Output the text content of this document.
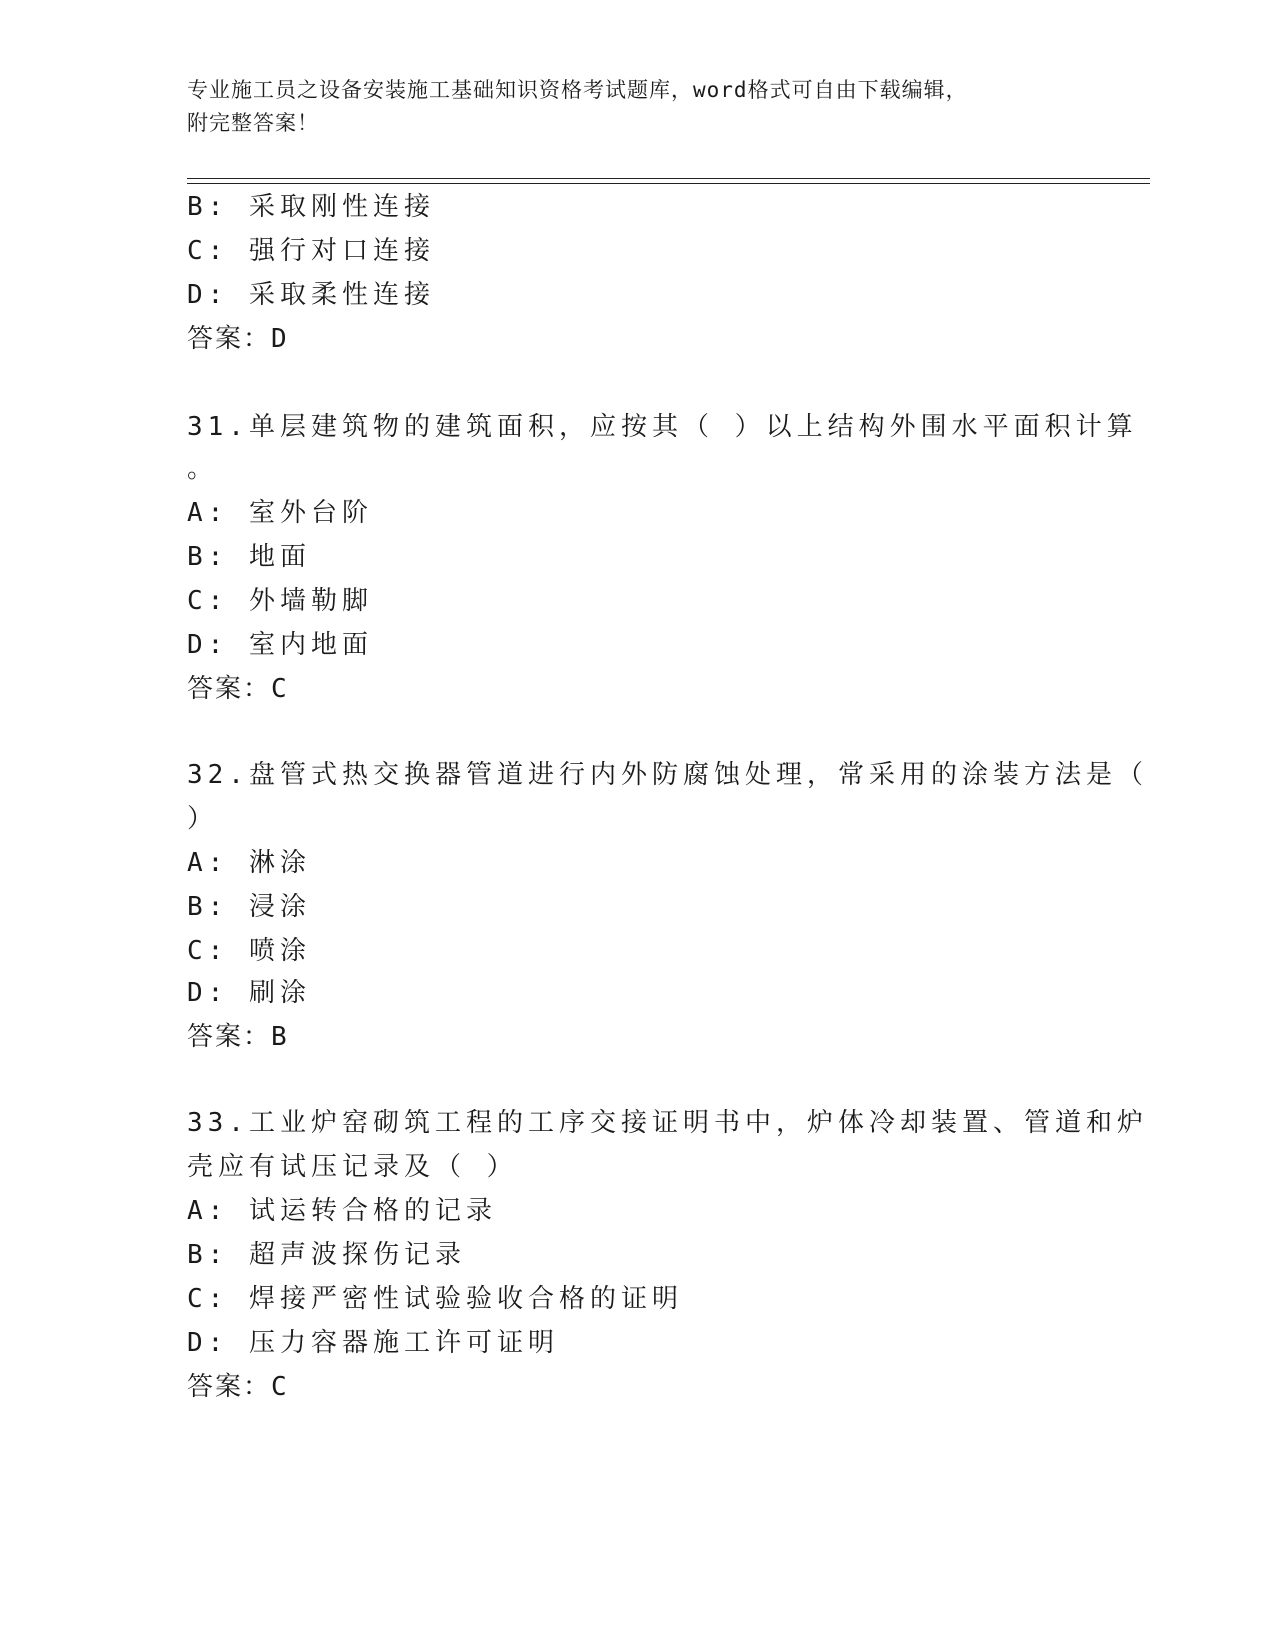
专业施工员之设备安装施工基础知识资格考试题库，word格式可自由下载编辑，
附完整答案！
B: 采取刚性连接
C: 强行对口连接
D: 采取柔性连接
答案：D
31.单层建筑物的建筑面积，应按其（ ）以上结构外围水平面积计算
。
A: 室外台阶
B: 地面
C: 外墙勒脚
D: 室内地面
答案：C
32.盘管式热交换器管道进行内外防腐蚀处理，常采用的涂装方法是（
）
A: 淋涂
B: 浸涂
C: 喷涂
D: 刷涂
答案：B
33.工业炉窑砌筑工程的工序交接证明书中，炉体冷却装置、管道和炉
壳应有试压记录及（ ）
A: 试运转合格的记录
B: 超声波探伤记录
C: 焊接严密性试验验收合格的证明
D: 压力容器施工许可证明
答案：C
